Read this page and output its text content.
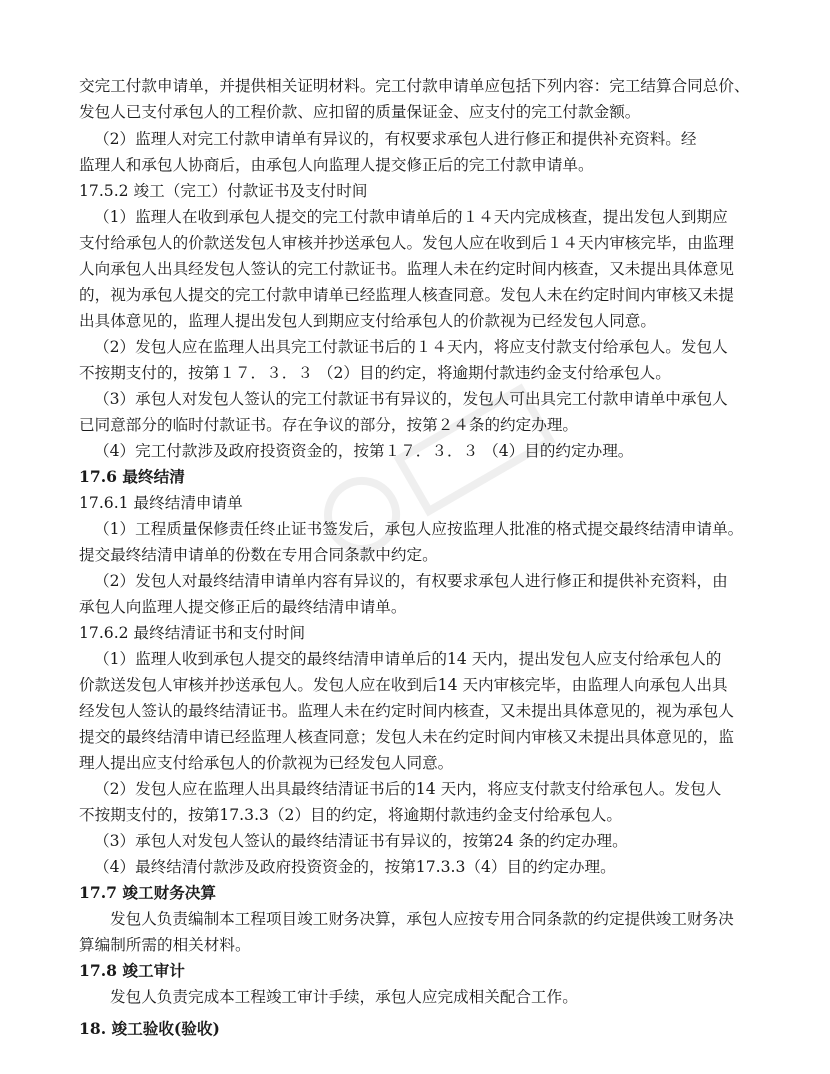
交完工付款申请单，并提供相关证明材料。完工付款申请单应包括下列内容：完工结算合同总价、

发包人已支付承包人的工程价款、应扣留的质量保证金、应支付的完工付款金额。

（2）监理人对完工付款申请单有异议的，有权要求承包人进行修正和提供补充资料。经

监理人和承包人协商后，由承包人向监理人提交修正后的完工付款申请单。

17.5.2 竣工（完工）付款证书及支付时间

（1）监理人在收到承包人提交的完工付款申请单后的１４天内完成核查，提出发包人到期应

支付给承包人的价款送发包人审核并抄送承包人。发包人应在收到后１４天内审核完毕，由监理

人向承包人出具经发包人签认的完工付款证书。监理人未在约定时间内核查，又未提出具体意见

的，视为承包人提交的完工付款申请单已经监理人核查同意。发包人未在约定时间内审核又未提

出具体意见的，监理人提出发包人到期应支付给承包人的价款视为已经发包人同意。

（2）发包人应在监理人出具完工付款证书后的１４天内，将应支付款支付给承包人。发包人

不按期支付的，按第１７．３．３ （2）目的约定，将逾期付款违约金支付给承包人。

（3）承包人对发包人签认的完工付款证书有异议的，发包人可出具完工付款申请单中承包人

已同意部分的临时付款证书。存在争议的部分，按第２４条的约定办理。

（4）完工付款涉及政府投资资金的，按第１７．３．３ （4）目的约定办理。

17.6 最终结清

17.6.1 最终结清申请单

（1）工程质量保修责任终止证书签发后，承包人应按监理人批准的格式提交最终结清申请单。

提交最终结清申请单的份数在专用合同条款中约定。

（2）发包人对最终结清申请单内容有异议的，有权要求承包人进行修正和提供补充资料，由

承包人向监理人提交修正后的最终结清申请单。

17.6.2 最终结清证书和支付时间

（1）监理人收到承包人提交的最终结清申请单后的14 天内，提出发包人应支付给承包人的

价款送发包人审核并抄送承包人。发包人应在收到后14 天内审核完毕，由监理人向承包人出具

经发包人签认的最终结清证书。监理人未在约定时间内核查，又未提出具体意见的，视为承包人

提交的最终结清申请已经监理人核查同意；发包人未在约定时间内审核又未提出具体意见的，监

理人提出应支付给承包人的价款视为已经发包人同意。

（2）发包人应在监理人出具最终结清证书后的14 天内，将应支付款支付给承包人。发包人

不按期支付的，按第17.3.3（2）目的约定，将逾期付款违约金支付给承包人。

（3）承包人对发包人签认的最终结清证书有异议的，按第24 条的约定办理。

（4）最终结清付款涉及政府投资资金的，按第17.3.3（4）目的约定办理。

17.7 竣工财务决算

发包人负责编制本工程项目竣工财务决算，承包人应按专用合同条款的约定提供竣工财务决

算编制所需的相关材料。

17.8 竣工审计

发包人负责完成本工程竣工审计手续，承包人应完成相关配合工作。

18. 竣工验收(验收)
